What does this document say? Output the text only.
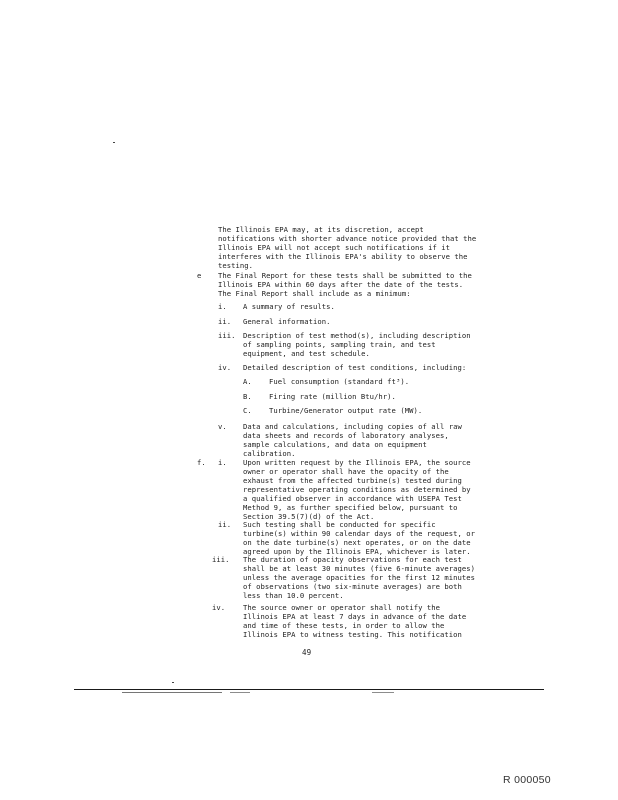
The Illinois EPA may, at its discretion, accept
notifications with shorter advance notice provided that the
Illinois EPA will not accept such notifications if it
interferes with the Illinois EPA's ability to observe the
testing.
e The Final Report for these tests shall be submitted to the
Illinois EPA within 60 days after the date of the tests.
The Final Report shall include as a minimum:
i. A summary of results.
ii. General information.
iii. Description of test method(s), including description
of sampling points, sampling train, and test
equipment, and test schedule.
iv. Detailed description of test conditions, including:
A. Fuel consumption (standard ft³).
B. Firing rate (million Btu/hr).
C. Turbine/Generator output rate (MW).
v. Data and calculations, including copies of all raw
data sheets and records of laboratory analyses,
sample calculations, and data on equipment
calibration.
f. i. Upon written request by the Illinois EPA, the source
owner or operator shall have the opacity of the
exhaust from the affected turbine(s) tested during
representative operating conditions as determined by
a qualified observer in accordance with USEPA Test
Method 9, as further specified below, pursuant to
Section 39.5(7)(d) of the Act.
ii. Such testing shall be conducted for specific
turbine(s) within 90 calendar days of the request, or
on the date turbine(s) next operates, or on the date
agreed upon by the Illinois EPA, whichever is later.
iii. The duration of opacity observations for each test
shall be at least 30 minutes (five 6-minute averages)
unless the average opacities for the first 12 minutes
of observations (two six-minute averages) are both
less than 10.0 percent.
iv. The source owner or operator shall notify the
Illinois EPA at least 7 days in advance of the date
and time of these tests, in order to allow the
Illinois EPA to witness testing. This notification
49
R 000050
